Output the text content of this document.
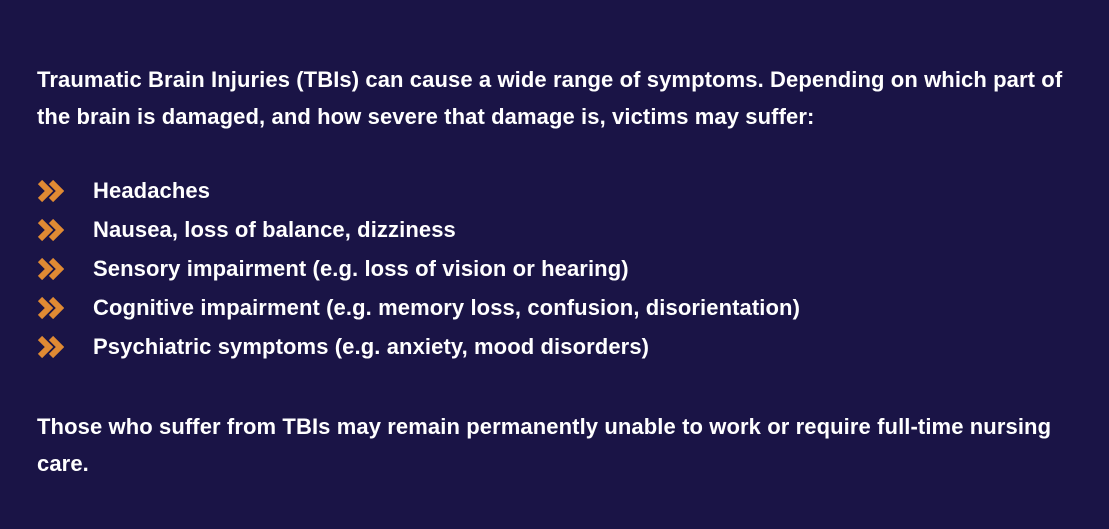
Traumatic Brain Injuries (TBIs) can cause a wide range of symptoms. Depending on which part of the brain is damaged, and how severe that damage is, victims may suffer:

Headaches
Nausea, loss of balance, dizziness
Sensory impairment (e.g. loss of vision or hearing)
Cognitive impairment (e.g. memory loss, confusion, disorientation)
Psychiatric symptoms (e.g. anxiety, mood disorders)

Those who suffer from TBIs may remain permanently unable to work or require full-time nursing care.
